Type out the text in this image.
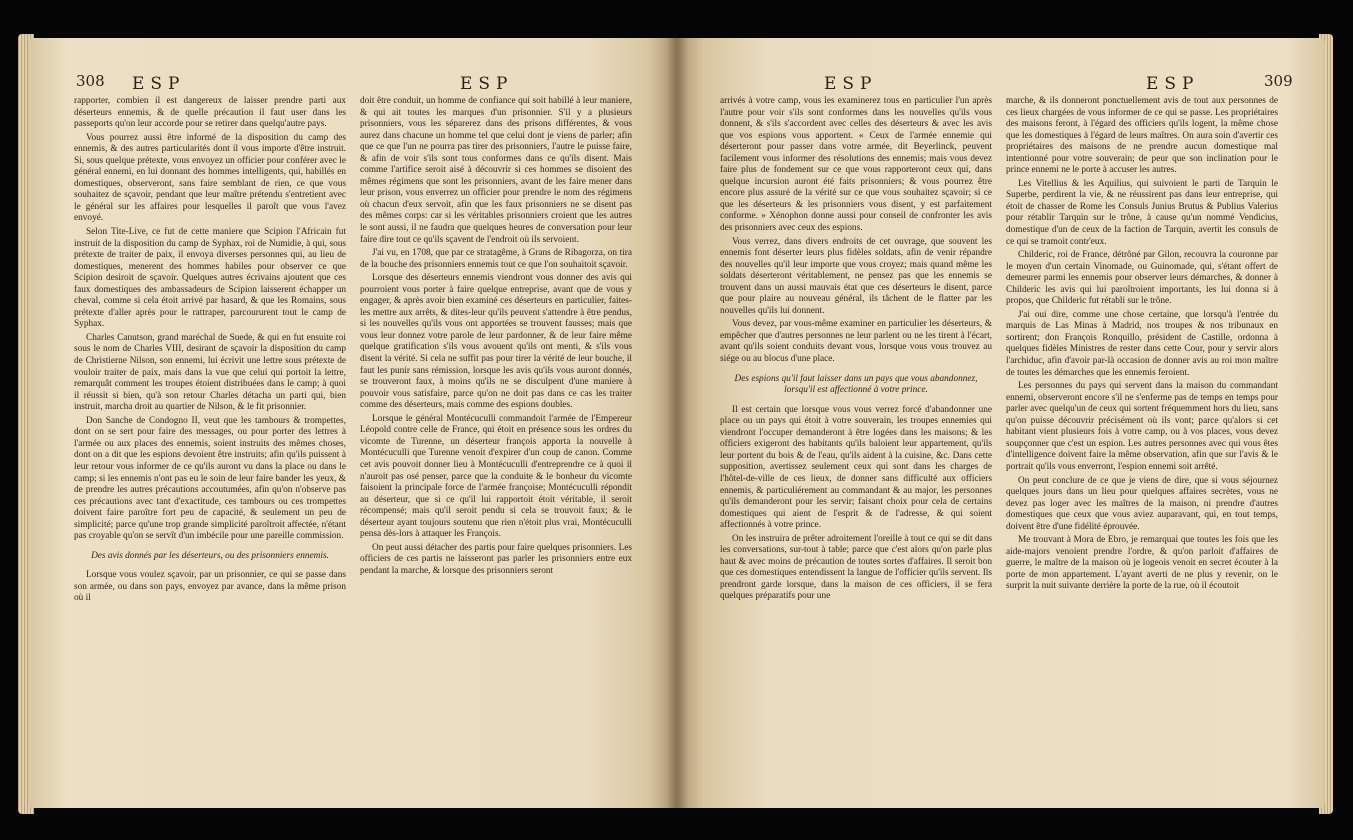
308 ESP	ESP

rapporter, combien il est dangereux de laisser prendre parti aux déserteurs ennemis, & de quelle précaution il faut user dans les passeports qu'on leur accorde pour se retirer dans quelqu'autre pays.

Vous pourrez aussi être informé de la disposition du camp des ennemis, & des autres particularités dont il vous importe d'être instruit. Si, sous quelque prétexte, vous envoyez un officier pour conférer avec le général ennemi, en lui donnant des hommes intelligents, qui, habillés en domestiques, observeront, sans faire semblant de rien, ce que vous souhaitez de sçavoir, pendant que leur maître prétendu s'entretient avec le général sur les affaires pour lesquelles il paroît que vous l'avez envoyé.

Selon Tite-Live, ce fut de cette maniere que Scipion l'Africain fut instruit de la disposition du camp de Syphax, roi de Numidie, à qui, sous prétexte de traiter de paix, il envoya diverses personnes qui, au lieu de domestiques, menerent des hommes habiles pour observer ce que Scipion desiroit de sçavoir. Quelques autres écrivains ajoutent que ces faux domestiques des ambassadeurs de Scipion laisserent échapper un cheval, comme si cela étoit arrivé par hasard, & que les Romains, sous prétexte d'aller après pour le rattraper, parcoururent tout le camp de Syphax.

Charles Canutson, grand maréchal de Suede, & qui en fut ensuite roi sous le nom de Charles VIII, desirant de sçavoir la disposition du camp de Christierne Nilson, son ennemi, lui écrivit une lettre sous prétexte de vouloir traiter de paix, mais dans la vue que celui qui portoit la lettre, remarquât comment les troupes étoient distribuées dans le camp; à quoi il réussit si bien, qu'à son retour Charles détacha un parti qui, bien instruit, marcha droit au quartier de Nilson, & le fit prisonnier.

Don Sanche de Condogno II, veut que les tambours & trompettes, dont on se sert pour faire des messages, ou pour porter des lettres à l'armée ou aux places des ennemis, soient instruits des mêmes choses, dont on a dit que les espions devoient être instruits; afin qu'ils puissent à leur retour vous informer de ce qu'ils auront vu dans la place ou dans le camp; si les ennemis n'ont pas eu le soin de leur faire bander les yeux, & de prendre les autres précautions accoutumées, afin qu'on n'observe pas ces précautions avec tant d'exactitude, ces tambours ou ces trompettes doivent faire paroître fort peu de capacité, & seulement un peu de simplicité; parce qu'une trop grande simplicité paroîtroit affectée, n'étant pas croyable qu'on se servît d'un imbécile pour une pareille commission.

Des avis donnés par les déserteurs, ou des prisonniers ennemis.

Lorsque vous voulez sçavoir, par un prisonnier, ce qui se passe dans son armée, ou dans son pays, envoyez par avance, dans la même prison où il

doit être conduit, un homme de confiance qui soit habillé à leur maniere, & qui ait toutes les marques d'un prisonnier. S'il y a plusieurs prisonniers, vous les séparerez dans des prisons différentes, & vous aurez dans chacune un homme tel que celui dont je viens de parler; afin que ce que l'un ne pourra pas tirer des prisonniers, l'autre le puisse faire, & afin de voir s'ils sont tous conformes dans ce qu'ils disent. Mais comme l'artifice seroit aisé à découvrir si ces hommes se disoient des mêmes régimens que sont les prisonniers, avant de les faire mener dans leur prison, vous enverrez un officier pour prendre le nom des régimens où chacun d'eux servoit, afin que les faux prisonniers ne se disent pas des mêmes corps: car si les véritables prisonniers croient que les autres le sont aussi, il ne faudra que quelques heures de conversation pour leur faire dire tout ce qu'ils sçavent de l'endroit où ils servoient.

J'ai vu, en 1708, que par ce stratagême, à Grans de Ribagorza, on tira de la bouche des prisonniers ennemis tout ce que l'on souhaitoit sçavoir.

Lorsque des déserteurs ennemis viendront vous donner des avis qui pourroient vous porter à faire quelque entreprise, avant que de vous y engager, & après avoir bien examiné ces déserteurs en particulier, faites-les mettre aux arrêts, & dites-leur qu'ils peuvent s'attendre à être pendus, si les nouvelles qu'ils vous ont apportées se trouvent fausses; mais que vous leur donnez votre parole de leur pardonner, & de leur faire même quelque gratification s'ils vous avouent qu'ils ont menti, & s'ils vous disent la vérité. Si cela ne suffit pas pour tirer la vérité de leur bouche, il faut les punir sans rémission, lorsque les avis qu'ils vous auront donnés, se trouveront faux, à moins qu'ils ne se disculpent d'une maniere à pouvoir vous satisfaire, parce qu'on ne doit pas dans ce cas les traiter comme des déserteurs, mais comme des espions doubles.

Lorsque le général Montécuculli commandoit l'armée de l'Empereur Léopold contre celle de France, qui étoit en présence sous les ordres du vicomte de Turenne, un déserteur françois apporta la nouvelle à Montécuculli que Turenne venoit d'expirer d'un coup de canon. Comme cet avis pouvoit donner lieu à Montécuculli d'entreprendre ce à quoi il n'auroit pas osé penser, parce que la conduite & le bonheur du vicomte faisoient la principale force de l'armée françoise; Montécuculli répondit au déserteur, que si ce qu'il lui rapportoit étoit véritable, il seroit récompensé; mais qu'il seroit pendu si cela se trouvoit faux; & le déserteur ayant toujours soutenu que rien n'étoit plus vrai, Montécuculli pensa dès-lors à attaquer les François.

On peut aussi détacher des partis pour faire quelques prisonniers. Les officiers de ces partis ne laisseront pas parler les prisonniers entre eux pendant la marche, & lorsque des prisonniers seront

ESP	ESP	309

arrivés à votre camp, vous les examinerez tous en particulier l'un après l'autre pour voir s'ils sont conformes dans les nouvelles qu'ils vous donnent, & s'ils s'accordent avec celles des déserteurs & avec les avis que vos espions vous apportent. « Ceux de l'armée ennemie qui déserteront pour passer dans votre armée, dit Beyerlinck, peuvent facilement vous informer des résolutions des ennemis; mais vous devez faire plus de fondement sur ce que vous rapporteront ceux qui, dans quelque incursion auront été faits prisonniers; & vous pourrez être encore plus assuré de la vérité sur ce que vous souhaitez sçavoir; si ce que les déserteurs & les prisonniers vous disent, y est parfaitement conforme. » Xénophon donne aussi pour conseil de confronter les avis des prisonniers avec ceux des espions.

Vous verrez, dans divers endroits de cet ouvrage, que souvent les ennemis font déserter leurs plus fidèles soldats, afin de venir répandre des nouvelles qu'il leur importe que vous croyez; mais quand même les soldats déserteront véritablement, ne pensez pas que les ennemis se trouvent dans un aussi mauvais état que ces déserteurs le disent, parce que pour plaire au nouveau général, ils tâchent de le flatter par les nouvelles qu'ils lui donnent.

Vous devez, par vous-même examiner en particulier les déserteurs, & empêcher que d'autres personnes ne leur parlent ou ne les tirent à l'écart, avant qu'ils soient conduits devant vous, lorsque vous vous trouvez au siége ou au blocus d'une place.

Des espions qu'il faut laisser dans un pays que vous abandonnez, lorsqu'il est affectionné à votre prince.

Il est certain que lorsque vous vous verrez forcé d'abandonner une place ou un pays qui étoit à votre souverain, les troupes ennemies qui viendront l'occuper demanderont à être logées dans les maisons; & les officiers exigeront des habitants qu'ils baloient leur appartement, qu'ils leur portent du bois & de l'eau, qu'ils aident à la cuisine, &c. Dans cette supposition, avertissez seulement ceux qui sont dans les charges de l'hôtel-de-ville de ces lieux, de donner sans difficulté aux officiers ennemis, & particuliérement au commandant & au major, les personnes qu'ils demanderont pour les servir; faisant choix pour cela de certains domestiques qui aient de l'esprit & de l'adresse, & qui soient affectionnés à votre prince.

On les instruira de prêter adroitement l'oreille à tout ce qui se dit dans les conversations, sur-tout à table; parce que c'est alors qu'on parle plus haut & avec moins de précaution de toutes sortes d'affaires. Il seroit bon que ces domestiques entendissent la langue de l'officier qu'ils servent. Ils prendront garde lorsque, dans la maison de ces officiers, il se fera quelques préparatifs pour une

marche, & ils donneront ponctuellement avis de tout aux personnes de ces lieux chargées de vous informer de ce qui se passe. Les propriétaires des maisons feront, à l'égard des officiers qu'ils logent, la même chose que les domestiques à l'égard de leurs maîtres. On aura soin d'avertir ces propriétaires des maisons de ne prendre aucun domestique mal intentionné pour votre souverain; de peur que son inclination pour le prince ennemi ne le porte à accuser les autres.

Les Vitellius & les Aquilius, qui suivoient le parti de Tarquin le Superbe, perdirent la vie, & ne réussirent pas dans leur entreprise, qui étoit de chasser de Rome les Consuls Junius Brutus & Publius Valerius pour rétablir Tarquin sur le trône, à cause qu'un nommé Vendicius, domestique d'un de ceux de la faction de Tarquin, avertit les consuls de ce qui se tramoit contr'eux.

Childeric, roi de France, détrôné par Gilon, recouvra la couronne par le moyen d'un certain Vinomade, ou Guinomade, qui, s'étant offert de demeurer parmi les ennemis pour observer leurs démarches, & donner à Childeric les avis qui lui paroîtroient importants, les lui donna si à propos, que Childeric fut rétabli sur le trône.

J'ai oui dire, comme une chose certaine, que lorsqu'à l'entrée du marquis de Las Minas à Madrid, nos troupes & nos tribunaux en sortirent; don François Ronquillo, président de Castille, ordonna à quelques fidèles Ministres de rester dans cette Cour, pour y servir alors l'archiduc, afin d'avoir par-là occasion de donner avis au roi mon maître de toutes les démarches que les ennemis feroient.

Les personnes du pays qui servent dans la maison du commandant ennemi, observeront encore s'il ne s'enferme pas de temps en temps pour parler avec quelqu'un de ceux qui sortent fréquemment hors du lieu, sans qu'on puisse découvrir précisément où ils vont; parce qu'alors si cet habitant vient plusieurs fois à votre camp, ou à vos places, vous devez soupçonner que c'est un espion. Les autres personnes avec qui vous êtes d'intelligence doivent faire la même observation, afin que sur l'avis & le portrait qu'ils vous enverront, l'espion ennemi soit arrêté.

On peut conclure de ce que je viens de dire, que si vous séjournez quelques jours dans un lieu pour quelques affaires secrètes, vous ne devez pas loger avec les maîtres de la maison, ni prendre d'autres domestiques que ceux que vous aviez auparavant, qui, en tout temps, doivent être d'une fidélité éprouvée.

Me trouvant à Mora de Ebro, je remarquai que toutes les fois que les aide-majors venoient prendre l'ordre, & qu'on parloit d'affaires de guerre, le maître de la maison où je logeois venoit en secret écouter à la porte de mon appartement. L'ayant averti de ne plus y revenir, on le surprit la nuit suivante derrière la porte de la rue, où il écoutoit
